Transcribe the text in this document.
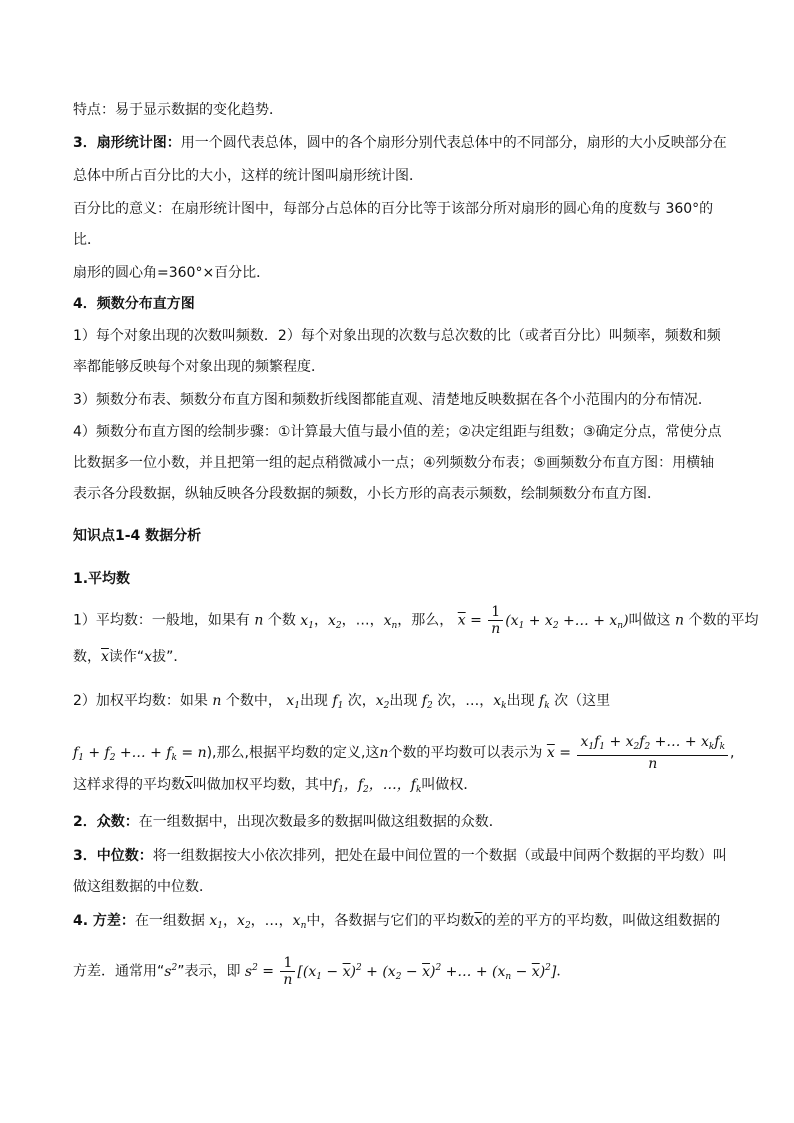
特点：易于显示数据的变化趋势．
3．扇形统计图：用一个圆代表总体，圆中的各个扇形分别代表总体中的不同部分，扇形的大小反映部分在
总体中所占百分比的大小，这样的统计图叫扇形统计图．
百分比的意义：在扇形统计图中，每部分占总体的百分比等于该部分所对扇形的圆心角的度数与 360°的
比．
扇形的圆心角=360°×百分比．
4．频数分布直方图
1）每个对象出现的次数叫频数．2）每个对象出现的次数与总次数的比（或者百分比）叫频率，频数和频
率都能够反映每个对象出现的频繁程度．
3）频数分布表、频数分布直方图和频数折线图都能直观、清楚地反映数据在各个小范围内的分布情况．
4）频数分布直方图的绘制步骤：①计算最大值与最小值的差；②决定组距与组数；③确定分点，常使分点
比数据多一位小数，并且把第一组的起点稍微减小一点；④列频数分布表；⑤画频数分布直方图：用横轴
表示各分段数据，纵轴反映各分段数据的频数，小长方形的高表示频数，绘制频数分布直方图．
知识点1-4 数据分析
1.平均数
1）平均数：一般地，如果有 n 个数 $x_1$，$x_2$，…，$x_n$，那么， $\overline{x} = \frac{1}{n} (x_1 + x_2$ +… + $x_n$)叫做这 n 个数的平均
数，$\overline{x}$读作“x拔”．
2）加权平均数：如果 n 个数中， $x_1$出现 $f_1$ 次，$x_2$出现 $f_2$ 次，…，$x_k$出现 $f_k$ 次（这里
$f_1 + f_2$ +… + $f_k = n$),那么,根据平均数的定义,这n个数的平均数可以表示为 $\overline{x} = \frac{x_1f_1 + x_2f_2 +\dots + x_kf_k}{n}$ ,
这样求得的平均数$\overline{x}$叫做加权平均数，其中$f_1$，$f_2$，…，$f_k$叫做权．
2．众数：在一组数据中，出现次数最多的数据叫做这组数据的众数．
3．中位数：将一组数据按大小依次排列，把处在最中间位置的一个数据（或最中间两个数据的平均数）叫
做这组数据的中位数．
4. 方差：在一组数据 $x_1$，$x_2$，…，$x_n$中，各数据与它们的平均数$\overline{x}$的差的平方的平均数，叫做这组数据的
方差．通常用“$s^2$”表示，即 $s^2 = \frac{1}{n} [(x_1 - \overline{x})^2 + (x_2 - \overline{x})^2$ +… + $(x_n - \overline{x})^2$]．
